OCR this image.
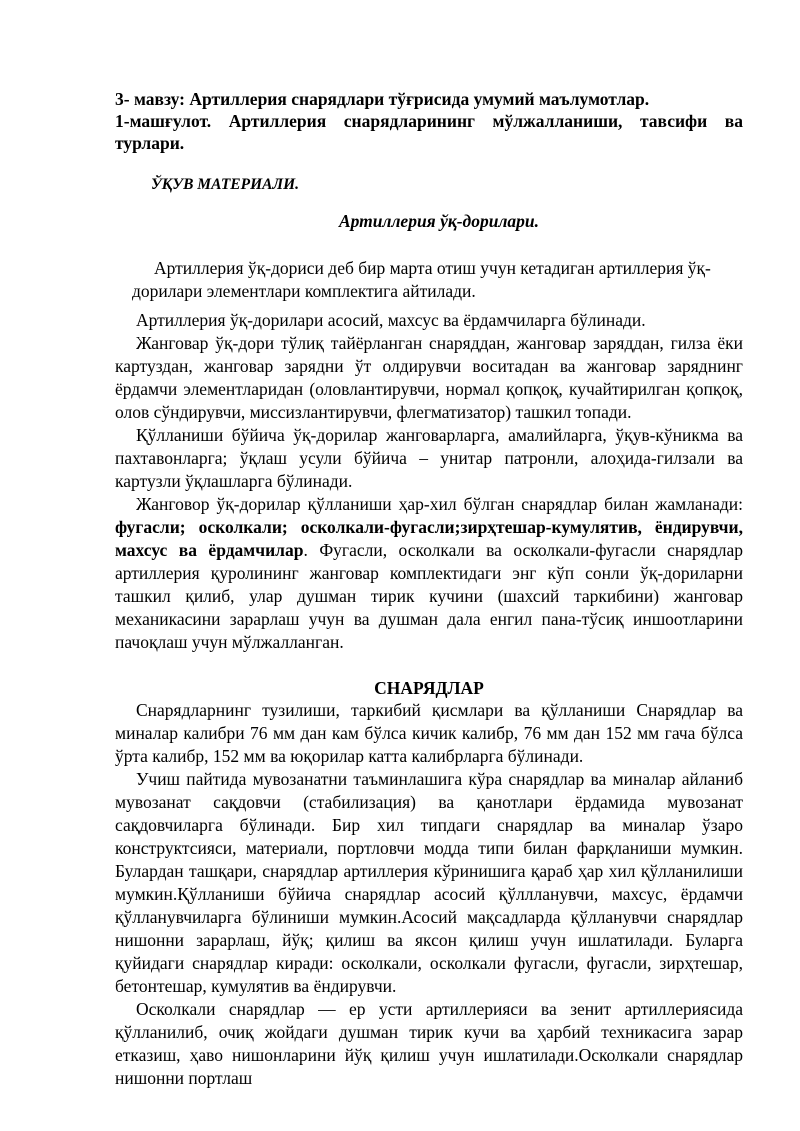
3- мавзу: Артиллерия снарядлари тўғрисида умумий маълумотлар.
1-машғулот. Артиллерия снарядларининг мўлжалланиши, тавсифи ва турлари.
ЎҚУВ МАТЕРИАЛИ.
Артиллерия ўқ-дорилари.

Артиллерия ўқ-дориси деб бир марта отиш учун кетадиган артиллерия ўқ-дорилари элементлари комплектига айтилади.

Артиллерия ўқ-дорилари асосий, махсус ва ёрдамчиларга бўлинади.

Жанговар ўқ-дори тўлиқ тайёрланган снаряддан, жанговар заряддан, гилза ёки картуздан, жанговар зарядни ўт олдирувчи воситадан ва жанговар заряднинг ёрдамчи элементларидан (оловлантирувчи, нормал қопқоқ, кучайтирилган қопқоқ, олов сўндирувчи, миссизлантирувчи, флегматизатор) ташкил топади.

Қўлланиши бўйича ўқ-дорилар жанговарларга, амалийларга, ўқув-кўникма ва пахтавонларга; ўқлаш усули бўйича – унитар патронли, алоҳида-гилзали ва картузли ўқлашларга бўлинади.

Жанговор ўқ-дорилар қўлланиши ҳар-хил бўлган снарядлар билан жамланади: фугасли; осколкали; осколкали-фугасли;зирҳтешар-кумулятив, ёндирувчи, махсус ва ёрдамчилар. Фугасли, осколкали ва осколкали-фугасли снарядлар артиллерия қуролининг жанговар комплектидаги энг кўп сонли ўқ-дориларни ташкил қилиб, улар душман тирик кучини (шахсий таркибини) жанговар механикасини зарарлаш учун ва душман дала енгил пана-тўсиқ иншоотларини пачоқлаш учун мўлжалланган.

СНАРЯДЛАР

Снарядларнинг тузилиши, таркибий қисмлари ва қўлланиши Снарядлар ва миналар калибри 76 мм дан кам бўлса кичик калибр, 76 мм дан 152 мм гача бўлса ўрта калибр, 152 мм ва юқорилар катта калибрларга бўлинади.

Учиш пайтида мувозанатни таъминлашига кўра снарядлар ва миналар айланиб мувозанат сақдовчи (стабилизация) ва қанотлари ёрдамида мувозанат сақдовчиларга бўлинади. Бир хил типдаги снарядлар ва миналар ўзаро конструктсияси, материали, портловчи модда типи билан фарқланиши мумкин. Булардан ташқари, снарядлар артиллерия кўринишига қараб ҳар хил қўлланилиши мумкин.Қўлланиши бўйича снарядлар асосий қўллланувчи, махсус, ёрдамчи қўлланувчиларга бўлиниши мумкин.Асосий мақсадларда қўлланувчи снарядлар нишонни зарарлаш, йўқ; қилиш ва яксон қилиш учун ишлатилади. Буларга қуйидаги снарядлар киради: осколкали, осколкали фугасли, фугасли, зирҳтешар, бетонтешар, кумулятив ва ёндирувчи.

Осколкали снарядлар — ер усти артиллерияси ва зенит артиллериясида қўлланилиб, очиқ жойдаги душман тирик кучи ва ҳарбий техникасига зарар етказиш, ҳаво нишонларини йўқ қилиш учун ишлатилади.Осколкали снарядлар нишонни портлаш
